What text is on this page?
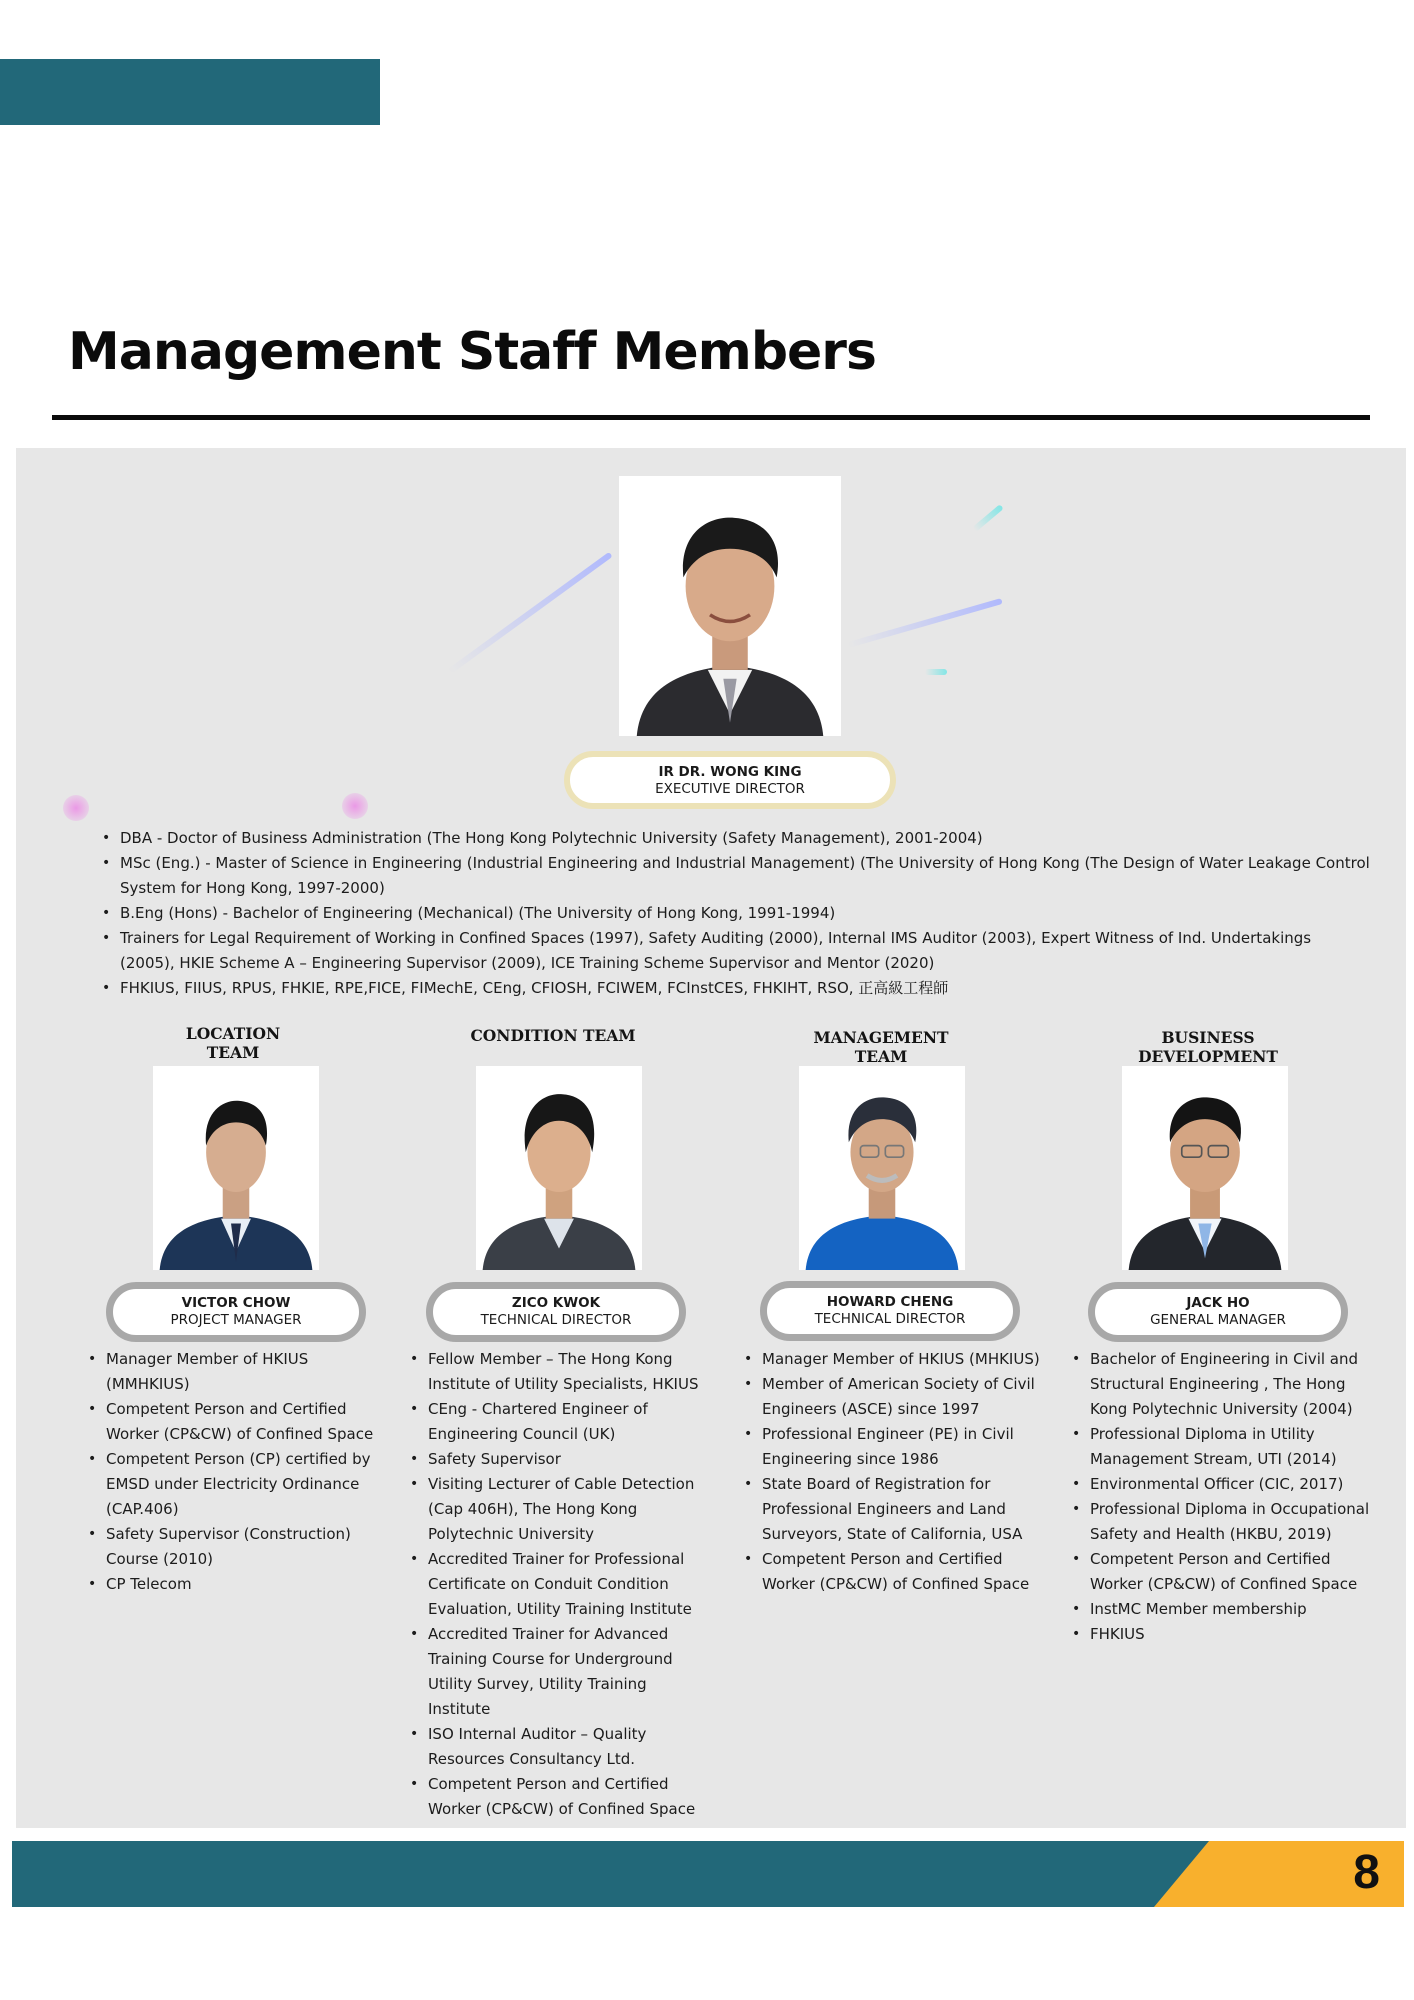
Management Staff Members
IR DR. WONG KING
EXECUTIVE DIRECTOR
• DBA - Doctor of Business Administration (The Hong Kong Polytechnic University (Safety Management), 2001-2004)
• MSc (Eng.) - Master of Science in Engineering (Industrial Engineering and Industrial Management) (The University of Hong Kong (The Design of Water Leakage Control System for Hong Kong, 1997-2000)
• B.Eng (Hons) - Bachelor of Engineering (Mechanical) (The University of Hong Kong, 1991-1994)
• Trainers for Legal Requirement of Working in Confined Spaces (1997), Safety Auditing (2000), Internal IMS Auditor (2003), Expert Witness of Ind. Undertakings (2005), HKIE Scheme A – Engineering Supervisor (2009), ICE Training Scheme Supervisor and Mentor (2020)
• FHKIUS, FIIUS, RPUS, FHKIE, RPE,FICE, FIMechE, CEng, CFIOSH, FCIWEM, FCInstCES, FHKIHT, RSO, 正高級工程師
LOCATION
TEAM
VICTOR CHOW
PROJECT MANAGER
• Manager Member of HKIUS (MMHKIUS)
• Competent Person and Certified Worker (CP&CW) of Confined Space
• Competent Person (CP) certified by EMSD under Electricity Ordinance (CAP.406)
• Safety Supervisor (Construction) Course (2010)
• CP Telecom
CONDITION TEAM
ZICO KWOK
TECHNICAL DIRECTOR
• Fellow Member – The Hong Kong Institute of Utility Specialists, HKIUS
• CEng - Chartered Engineer of Engineering Council (UK)
• Safety Supervisor
• Visiting Lecturer of Cable Detection (Cap 406H), The Hong Kong Polytechnic University
• Accredited Trainer for Professional Certificate on Conduit Condition Evaluation, Utility Training Institute
• Accredited Trainer for Advanced Training Course for Underground Utility Survey, Utility Training Institute
• ISO Internal Auditor – Quality Resources Consultancy Ltd.
• Competent Person and Certified Worker (CP&CW) of Confined Space
MANAGEMENT
TEAM
HOWARD CHENG
TECHNICAL DIRECTOR
• Manager Member of HKIUS (MHKIUS)
• Member of American Society of Civil Engineers (ASCE) since 1997
• Professional Engineer (PE) in Civil Engineering since 1986
• State Board of Registration for Professional Engineers and Land Surveyors, State of California, USA
• Competent Person and Certified Worker (CP&CW) of Confined Space
BUSINESS
DEVELOPMENT
JACK HO
GENERAL MANAGER
• Bachelor of Engineering in Civil and Structural Engineering , The Hong Kong Polytechnic University (2004)
• Professional Diploma in Utility Management Stream, UTI (2014)
• Environmental Officer (CIC, 2017)
• Professional Diploma in Occupational Safety and Health (HKBU, 2019)
• Competent Person and Certified Worker (CP&CW) of Confined Space
• InstMC Member membership
• FHKIUS
8
